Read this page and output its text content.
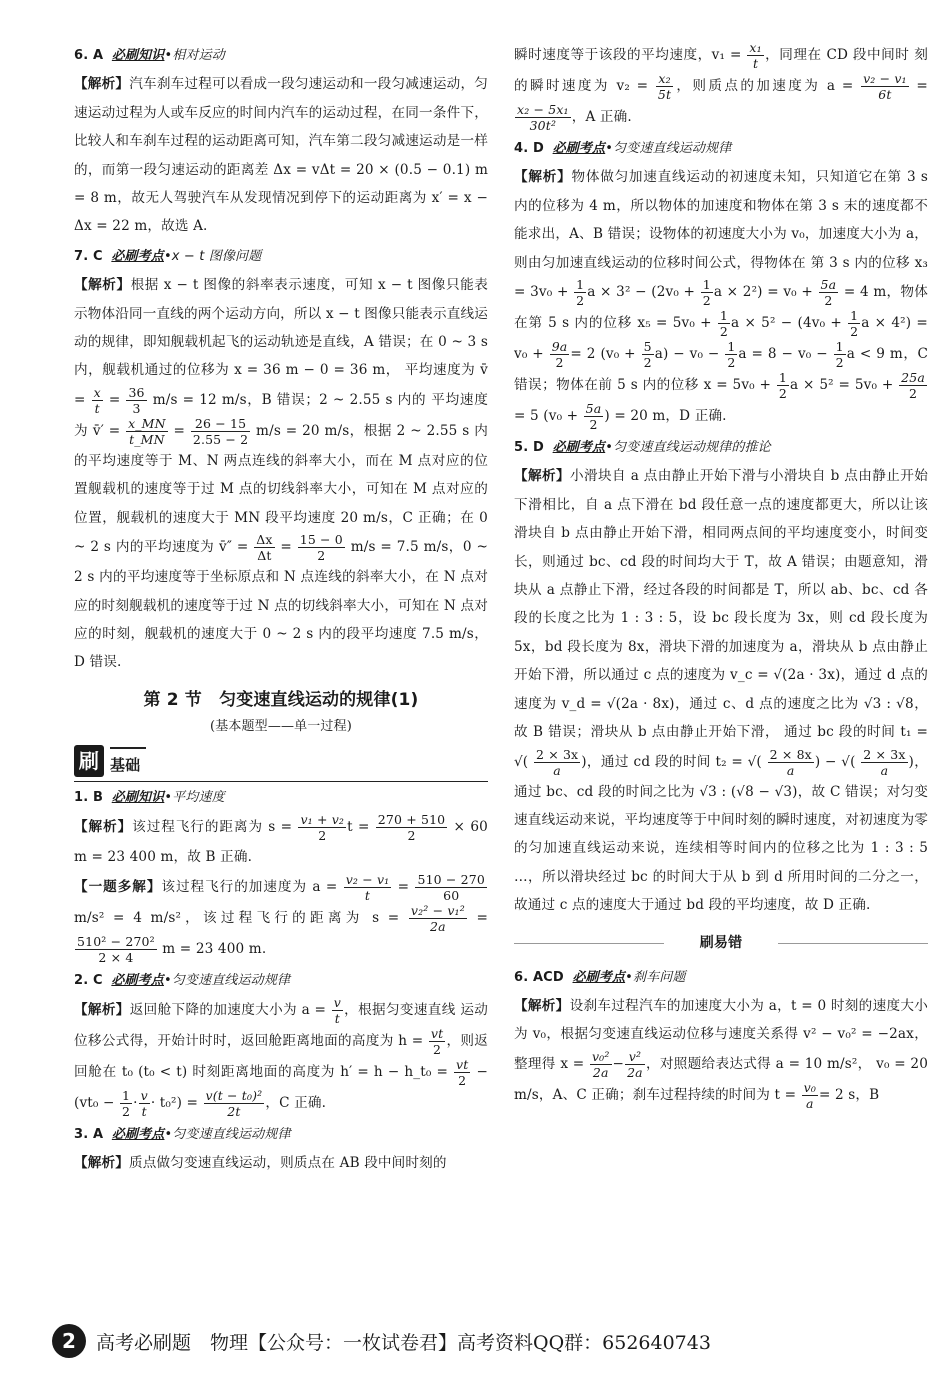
6. A 必刷知识•相对运动

【解析】汽车刹车过程可以看成一段匀速运动和一段匀减速运动，匀速运动过程为人或车反应的时间内汽车的运动过程，在同一条件下，比较人和车刹车过程的运动距离可知，汽车第二段匀减速运动是一样的，而第一段匀速运动的距离差 Δx = vΔt = 20 × (0.5 − 0.1) m = 8 m，故无人驾驶汽车从发现情况到停下的运动距离为 x′ = x − Δx = 22 m，故选 A.

7. C 必刷考点•x − t 图像问题

【解析】根据 x − t 图像的斜率表示速度，可知 x − t 图像只能表示物体沿同一直线的两个运动方向，所以 x − t 图像只能表示直线运动的规律，即知舰载机起飞的运动轨迹是直线，A 错误；在 0 ~ 3 s 内，舰载机通过的位移为 x = 36 m − 0 = 36 m， 平均速度为 v̄ = $\frac{x}{t} = \frac{36}{3} m/s = 12$ m/s，B 错误；2 ~ 2.55 s 内的 平均速度为 v̄′ = $\frac{x\_MN}{t\_MN} = \frac{26 - 15}{2.55 - 2} m/s = 20$ m/s，根据 2 ~ 2.55 s 内的平均速度等于 M、N 两点连线的斜率大小，而在 M 点对应的位置舰载机的速度等于过 M 点的切线斜率大小，可知在 M 点对应的位置，舰载机的速度大于 MN 段平均速度 20 m/s，C 正确；在 0 ~ 2 s 内的平均速度为 v̄″ = $\frac{\Delta x}{\Delta t} = \frac{15 - 0}{2} m/s = 7.5$ m/s，0 ~ 2 s 内的平均速度等于坐标原点和 N 点连线的斜率大小，在 N 点对应的时刻舰载机的速度等于过 N 点的切线斜率大小，可知在 N 点对应的时刻，舰载机的速度大于 0 ~ 2 s 内的段平均速度 7.5 m/s，D 错误.

第 2 节　匀变速直线运动的规律(1)
(基本题型——单一过程)
刷 基础
1. B 必刷知识•平均速度

【解析】该过程飞行的距离为 $s = \frac{\text{v₁ + v₂}}{2}$ $t = \frac{270 + 510}{2} \times 60$ m = 23 400 m，故 B 正确.
【一题多解】该过程飞行的加速度为 $a = \frac{\text{v₂ − v₁}}{t} = \frac{510 - 270}{60}$
m/s² = 4 m/s²，该过程飞行的距离为 $s = \frac{\text{v₂² − v₁²}}{2a}$ =
$\frac{\text{510² − 270²}}{2 \times 4}$ m = 23 400 m.

2. C 必刷考点•匀变速直线运动规律

【解析】返回舱下降的加速度大小为 $a = \frac{v}{t}$ ，根据匀变速直线 运动位移公式得，开始计时时，返回舱距离地面的高度为 $h = \frac{vt}{2}$ ，则返回舱在 t₀ (t₀ < t) 时刻距离地面的高度为 h′ = h − h_t₀ = $\frac{vt}{2} - (vt_0 - \frac{1}{2} \cdot \frac{v}{t} \cdot t_0^2) = \frac{\text{v(t − t₀)²}}{2t}$ ，C 正确.

3. A 必刷考点•匀变速直线运动规律

【解析】质点做匀变速直线运动，则质点在 AB 段中间时刻的

瞬时速度等于该段的平均速度，$v_1 = \frac{\text{x₁}}{t}$ ，同理在 CD 段中间时 刻的瞬时速度为 $v_2 = \frac{\text{x₂}}{5t}$ ，则质点的加速度为 $a = \frac{\text{v₂ − v₁}}{6t}$ =
$\frac{\text{x₂ − 5x₁}}{\text{30t²}}$ ，A 正确.

4. D 必刷考点•匀变速直线运动规律

【解析】物体做匀加速直线运动的初速度未知，只知道它在第 3 s 内的位移为 4 m，所以物体的加速度和物体在第 3 s 末的速度都不能求出，A、B 错误；设物体的初速度大小为 v₀，加速度大小为 a，则由匀加速直线运动的位移时间公式，得物体在 第 3 s 内的位移 $x_3 = 3v_0 + \frac{1}{2}$ $a \times 3^2 - (2v_0 + \frac{1}{2}$ $a \times 2^2) = v_0 + \frac{5a}{2} = 4$ m，物体在第 5 s 内的位移 $x_5 = 5v_0 + \frac{1}{2}$ $a \times 5^2 - (4v_0 + \frac{1}{2}$ $a \times 4^2) = v_0 + \frac{9a}{2} = 2$ $(v_0 + \frac{5}{2} a) - v_0 - \frac{1}{2}$ $a = 8 - v_0 - \frac{1}{2}$ a < 9 m，C 错误；物体在前 5 s 内的位移 $x = 5v_0 + \frac{1}{2}$ $a \times 5^2 = 5v_0 + \frac{25a}{2}$
= 5 ($v_0 + \frac{5a}{2}$ ) = 20 m，D 正确.

5. D 必刷考点•匀变速直线运动规律的推论

【解析】小滑块自 a 点由静止开始下滑与小滑块自 b 点由静止开始下滑相比，自 a 点下滑在 bd 段任意一点的速度都更大，所以让该滑块自 b 点由静止开始下滑，相同两点间的平均速度变小，时间变长，则通过 bc、cd 段的时间均大于 T，故 A 错误；由题意知，滑块从 a 点静止下滑，经过各段的时间都是 T，所以 ab、bc、cd 各段的长度之比为 1 : 3 : 5，设 bc 段长度为 3x，则 cd 段长度为 5x，bd 段长度为 8x，滑块下滑的加速度为 a，滑块从 b 点由静止开始下滑，所以通过 c 点的速度为 v_c = √(2a · 3x)，通过 d 点的速度为 v_d = √(2a · 8x)，通过 c、d 点的速度之比为 √3 : √8，故 B 错误；滑块从 b 点由静止开始下滑， 通过 bc 段的时间 t₁ = √( $\frac{2 \times 3x}{a}$ )，通过 cd 段的时间 t₂ = √( $\frac{2 \times 8x}{a}$ ) − √( $\frac{2 \times 3x}{a}$ )，通过 bc、cd 段的时间之比为 √3 : (√8 − √3)，故 C 错误；对匀变速直线运动来说，平均速度等于中间时刻的瞬时速度，对初速度为零的匀加速直线运动来说，连续相等时间内的位移之比为 1 : 3 : 5 …，所以滑块经过 bc 的时间大于从 b 到 d 所用时间的二分之一，故通过 c 点的速度大于通过 bd 段的平均速度，故 D 正确.

刷易错
6. ACD 必刷考点•刹车问题

【解析】设刹车过程汽车的加速度大小为 a，t = 0 时刻的速度大小为 v₀，根据匀变速直线运动位移与速度关系得 v² − v₀² = −2ax，整理得 $x = \frac{\text{v₀²}}{2a} - \frac{\text{v²}}{2a}$ ，对照题给表达式得 a = 10 m/s²， v₀ = 20 m/s，A、C 正确；刹车过程持续的时间为 $t = \frac{\text{v₀}}{a} = 2$ s，B

2	高考必刷题　物理【公众号：一枚试卷君】高考资料QQ群：652640743
